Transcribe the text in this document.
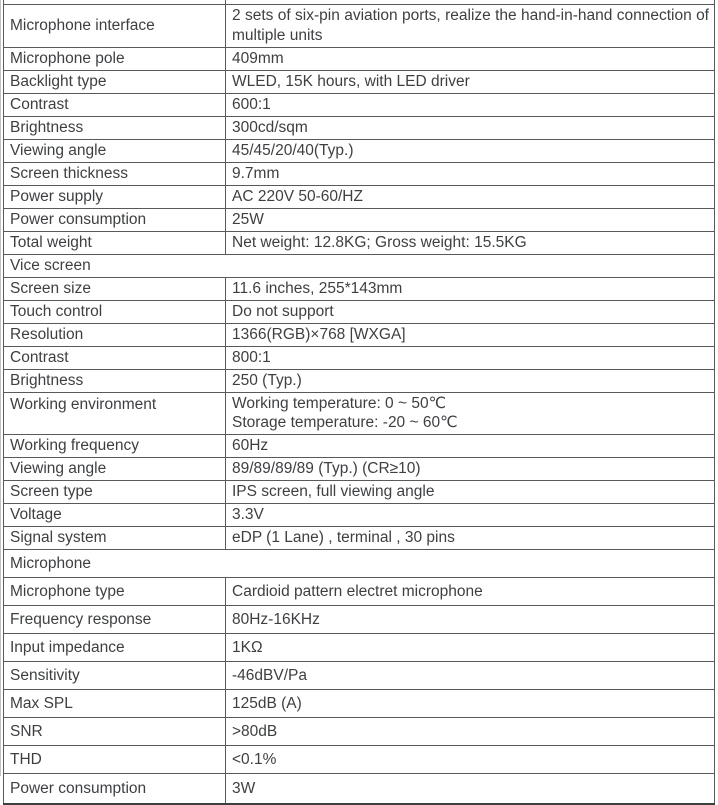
Microphone interface	2 sets of six-pin aviation ports, realize the hand-in-hand connection of multiple units
Microphone pole	409mm
Backlight type	WLED, 15K hours, with LED driver
Contrast	600:1
Brightness	300cd/sqm
Viewing angle	45/45/20/40(Typ.)
Screen thickness	9.7mm
Power supply	AC 220V 50-60/HZ
Power consumption	25W
Total weight	Net weight: 12.8KG; Gross weight: 15.5KG
Vice screen	
Screen size	11.6 inches, 255*143mm
Touch control	Do not support
Resolution	1366(RGB)×768 [WXGA]
Contrast	800:1
Brightness	250 (Typ.)
Working environment	Working temperature: 0 ~ 50℃
Storage temperature: -20 ~ 60℃

Working frequency	60Hz
Viewing angle	89/89/89/89 (Typ.) (CR≥10)
Screen type	IPS screen, full viewing angle
Voltage	3.3V
Signal system	eDP (1 Lane) , terminal , 30 pins
Microphone	
Microphone type	Cardioid pattern electret microphone
Frequency response	80Hz-16KHz
Input impedance	1KΩ
Sensitivity	-46dBV/Pa
Max SPL	125dB (A)
SNR	>80dB
THD	<0.1%
Power consumption	3W
